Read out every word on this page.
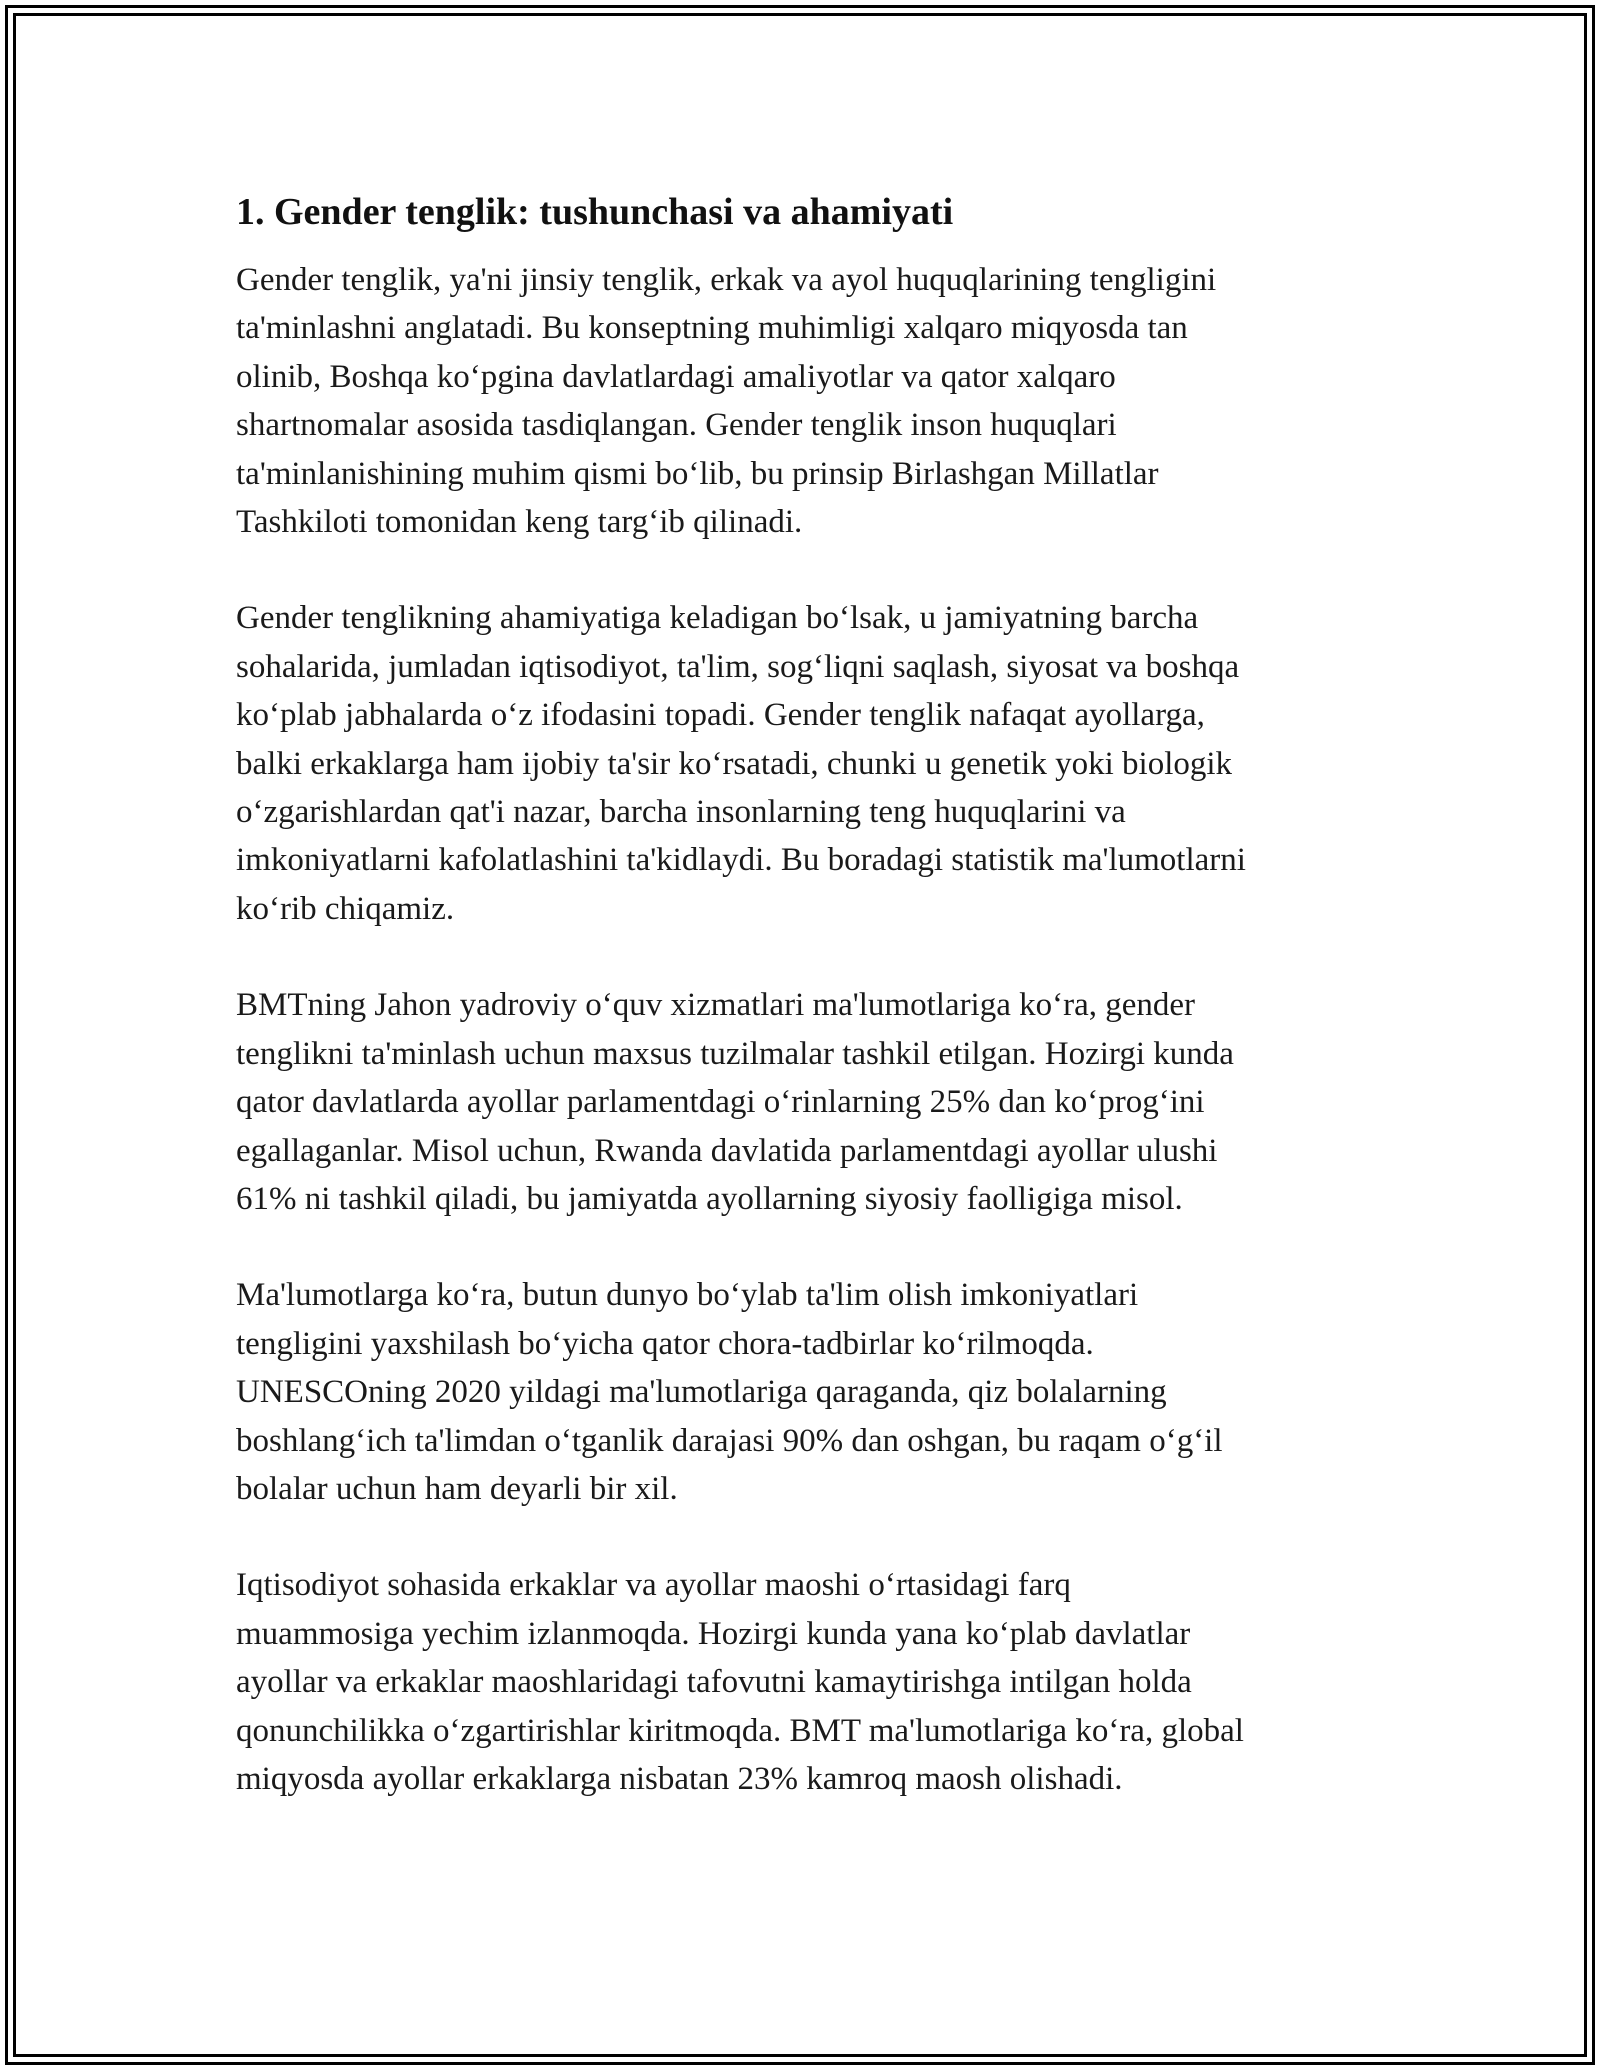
1. Gender tenglik: tushunchasi va ahamiyati

Gender tenglik, ya'ni jinsiy tenglik, erkak va ayol huquqlarining tengligini
ta'minlashni anglatadi. Bu konseptning muhimligi xalqaro miqyosda tan
olinib, Boshqa ko‘pgina davlatlardagi amaliyotlar va qator xalqaro
shartnomalar asosida tasdiqlangan. Gender tenglik inson huquqlari
ta'minlanishining muhim qismi bo‘lib, bu prinsip Birlashgan Millatlar
Tashkiloti tomonidan keng targ‘ib qilinadi.

Gender tenglikning ahamiyatiga keladigan bo‘lsak, u jamiyatning barcha
sohalarida, jumladan iqtisodiyot, ta'lim, sog‘liqni saqlash, siyosat va boshqa
ko‘plab jabhalarda o‘z ifodasini topadi. Gender tenglik nafaqat ayollarga,
balki erkaklarga ham ijobiy ta'sir ko‘rsatadi, chunki u genetik yoki biologik
o‘zgarishlardan qat'i nazar, barcha insonlarning teng huquqlarini va
imkoniyatlarni kafolatlashini ta'kidlaydi. Bu boradagi statistik ma'lumotlarni
ko‘rib chiqamiz.

BMTning Jahon yadroviy o‘quv xizmatlari ma'lumotlariga ko‘ra, gender
tenglikni ta'minlash uchun maxsus tuzilmalar tashkil etilgan. Hozirgi kunda
qator davlatlarda ayollar parlamentdagi o‘rinlarning 25% dan ko‘prog‘ini
egallaganlar. Misol uchun, Rwanda davlatida parlamentdagi ayollar ulushi
61% ni tashkil qiladi, bu jamiyatda ayollarning siyosiy faolligiga misol.

Ma'lumotlarga ko‘ra, butun dunyo bo‘ylab ta'lim olish imkoniyatlari
tengligini yaxshilash bo‘yicha qator chora-tadbirlar ko‘rilmoqda.
UNESCOning 2020 yildagi ma'lumotlariga qaraganda, qiz bolalarning
boshlang‘ich ta'limdan o‘tganlik darajasi 90% dan oshgan, bu raqam o‘g‘il
bolalar uchun ham deyarli bir xil.

Iqtisodiyot sohasida erkaklar va ayollar maoshi o‘rtasidagi farq
muammosiga yechim izlanmoqda. Hozirgi kunda yana ko‘plab davlatlar
ayollar va erkaklar maoshlaridagi tafovutni kamaytirishga intilgan holda
qonunchilikka o‘zgartirishlar kiritmoqda. BMT ma'lumotlariga ko‘ra, global
miqyosda ayollar erkaklarga nisbatan 23% kamroq maosh olishadi.
